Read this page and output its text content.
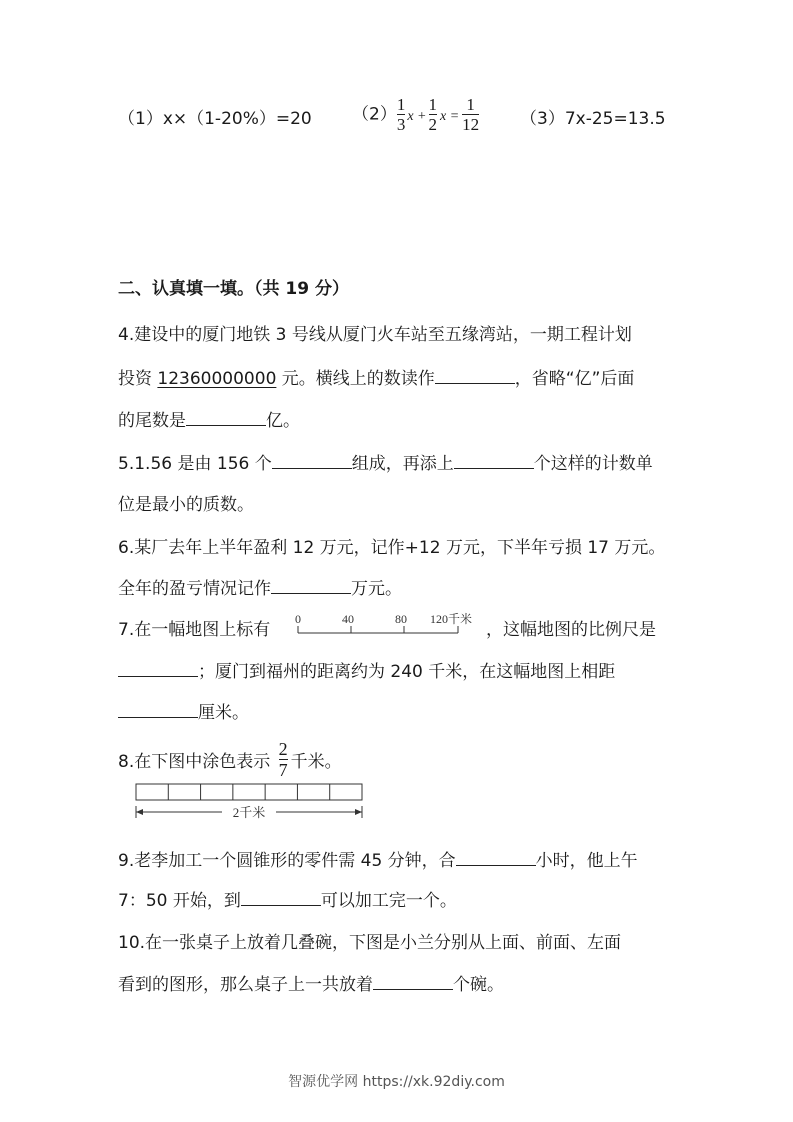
（1）x×（1-20%）=20 $(2) \frac{1}{3}$ $x + \frac{1}{2}$ $x = \frac{1}{12} (3)7x-25=13.5$
二、认真填一填。（共 19 分）
4.建设中的厦门地铁 3 号线从厦门火车站至五缘湾站，一期工程计划
投资 12360000000 元。横线上的数读作	，省略“亿”后面
的尾数是	亿。
5.1.56 是由 156 个	组成，再添上	个这样的计数单
位是最小的质数。
6.某厂去年上半年盈利 12 万元，记作+12 万元，下半年亏损 17 万元。
全年的盈亏情况记作	万元。
7.在一幅地图上标有
0	40	80 120千米
，这幅地图的比例尺是
；厦门到福州的距离约为 240 千米，在这幅地图上相距
厘米。
8.在下图中涂色表示 $\frac{2}{7}$ 千米。
2千米
9.老李加工一个圆锥形的零件需 45 分钟，合	小时，他上午
7：50 开始，到	可以加工完一个。
10.在一张桌子上放着几叠碗，下图是小兰分别从上面、前面、左面
看到的图形，那么桌子上一共放着	个碗。
智源优学网 https://xk.92diy.com
